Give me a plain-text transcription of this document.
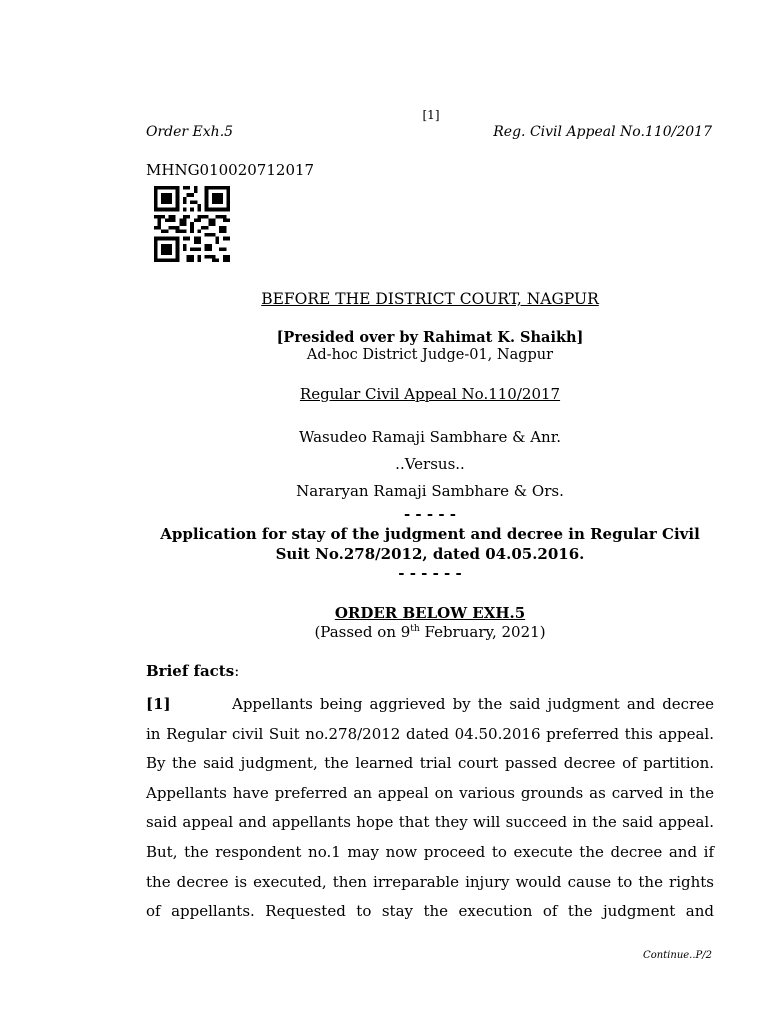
[1]
Order Exh.5	Reg. Civil Appeal No.110/2017
MHNG010020712017
BEFORE THE DISTRICT COURT, NAGPUR
[Presided over by Rahimat K. Shaikh]
Ad-hoc District Judge-01, Nagpur
Regular Civil Appeal No.110/2017
Wasudeo Ramaji Sambhare & Anr.
..Versus..
Nararyan Ramaji Sambhare & Ors.
- - - - -
Application for stay of the judgment and decree in Regular Civil Suit No.278/2012, dated 04.05.2016.
- - - - - -
ORDER BELOW EXH.5
(Passed on 9th February, 2021)
Brief facts:
[1]	Appellants being aggrieved by the said judgment and decree
in Regular civil Suit no.278/2012 dated 04.50.2016 preferred this appeal.
By the said judgment, the learned trial court passed decree of partition.
Appellants have preferred an appeal on various grounds as carved in the
said appeal and appellants hope that they will succeed in the said appeal.
But, the respondent no.1 may now proceed to execute the decree and if
the decree is executed, then irreparable injury would cause to the rights
of appellants. Requested to stay the execution of the judgment and
Continue..P/2
